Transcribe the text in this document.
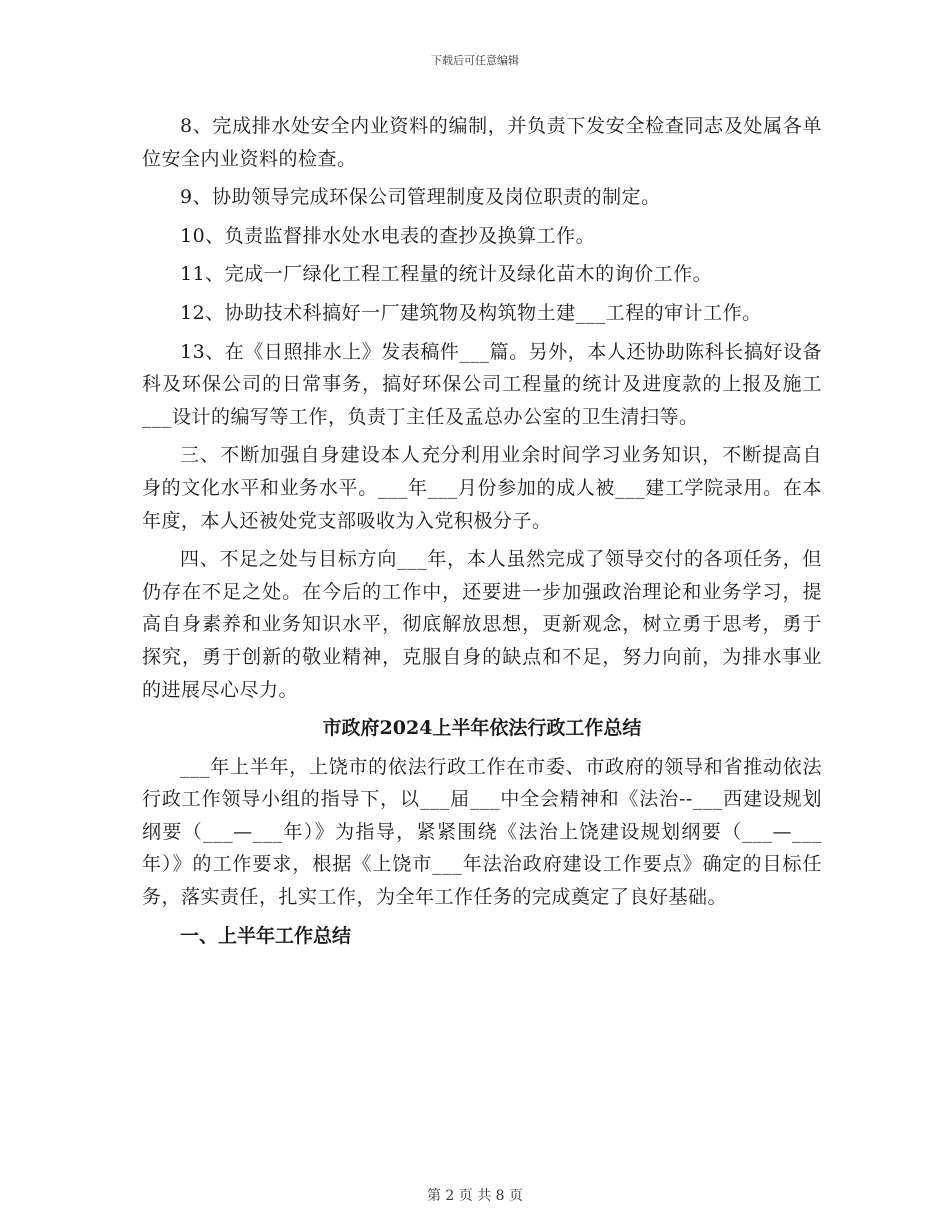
下载后可任意编辑

8、完成排水处安全内业资料的编制，并负责下发安全检查同志及处属各单位安全内业资料的检查。

9、协助领导完成环保公司管理制度及岗位职责的制定。

10、负责监督排水处水电表的查抄及换算工作。

11、完成一厂绿化工程工程量的统计及绿化苗木的询价工作。

12、协助技术科搞好一厂建筑物及构筑物土建___工程的审计工作。

13、在《日照排水上》发表稿件___篇。另外，本人还协助陈科长搞好设备科及环保公司的日常事务，搞好环保公司工程量的统计及进度款的上报及施工___设计的编写等工作，负责丁主任及孟总办公室的卫生清扫等。

三、不断加强自身建设本人充分利用业余时间学习业务知识，不断提高自身的文化水平和业务水平。___年___月份参加的成人被___建工学院录用。在本年度，本人还被处党支部吸收为入党积极分子。

四、不足之处与目标方向___年，本人虽然完成了领导交付的各项任务，但仍存在不足之处。在今后的工作中，还要进一步加强政治理论和业务学习，提高自身素养和业务知识水平，彻底解放思想，更新观念，树立勇于思考，勇于探究，勇于创新的敬业精神，克服自身的缺点和不足，努力向前，为排水事业的进展尽心尽力。

市政府2024上半年依法行政工作总结

___年上半年，上饶市的依法行政工作在市委、市政府的领导和省推动依法行政工作领导小组的指导下，以___届___中全会精神和《法治--___西建设规划纲要（___—___年）》为指导，紧紧围绕《法治上饶建设规划纲要（___—___年）》的工作要求，根据《上饶市___年法治政府建设工作要点》确定的目标任务，落实责任，扎实工作，为全年工作任务的完成奠定了良好基础。

一、上半年工作总结

第 2 页 共 8 页
